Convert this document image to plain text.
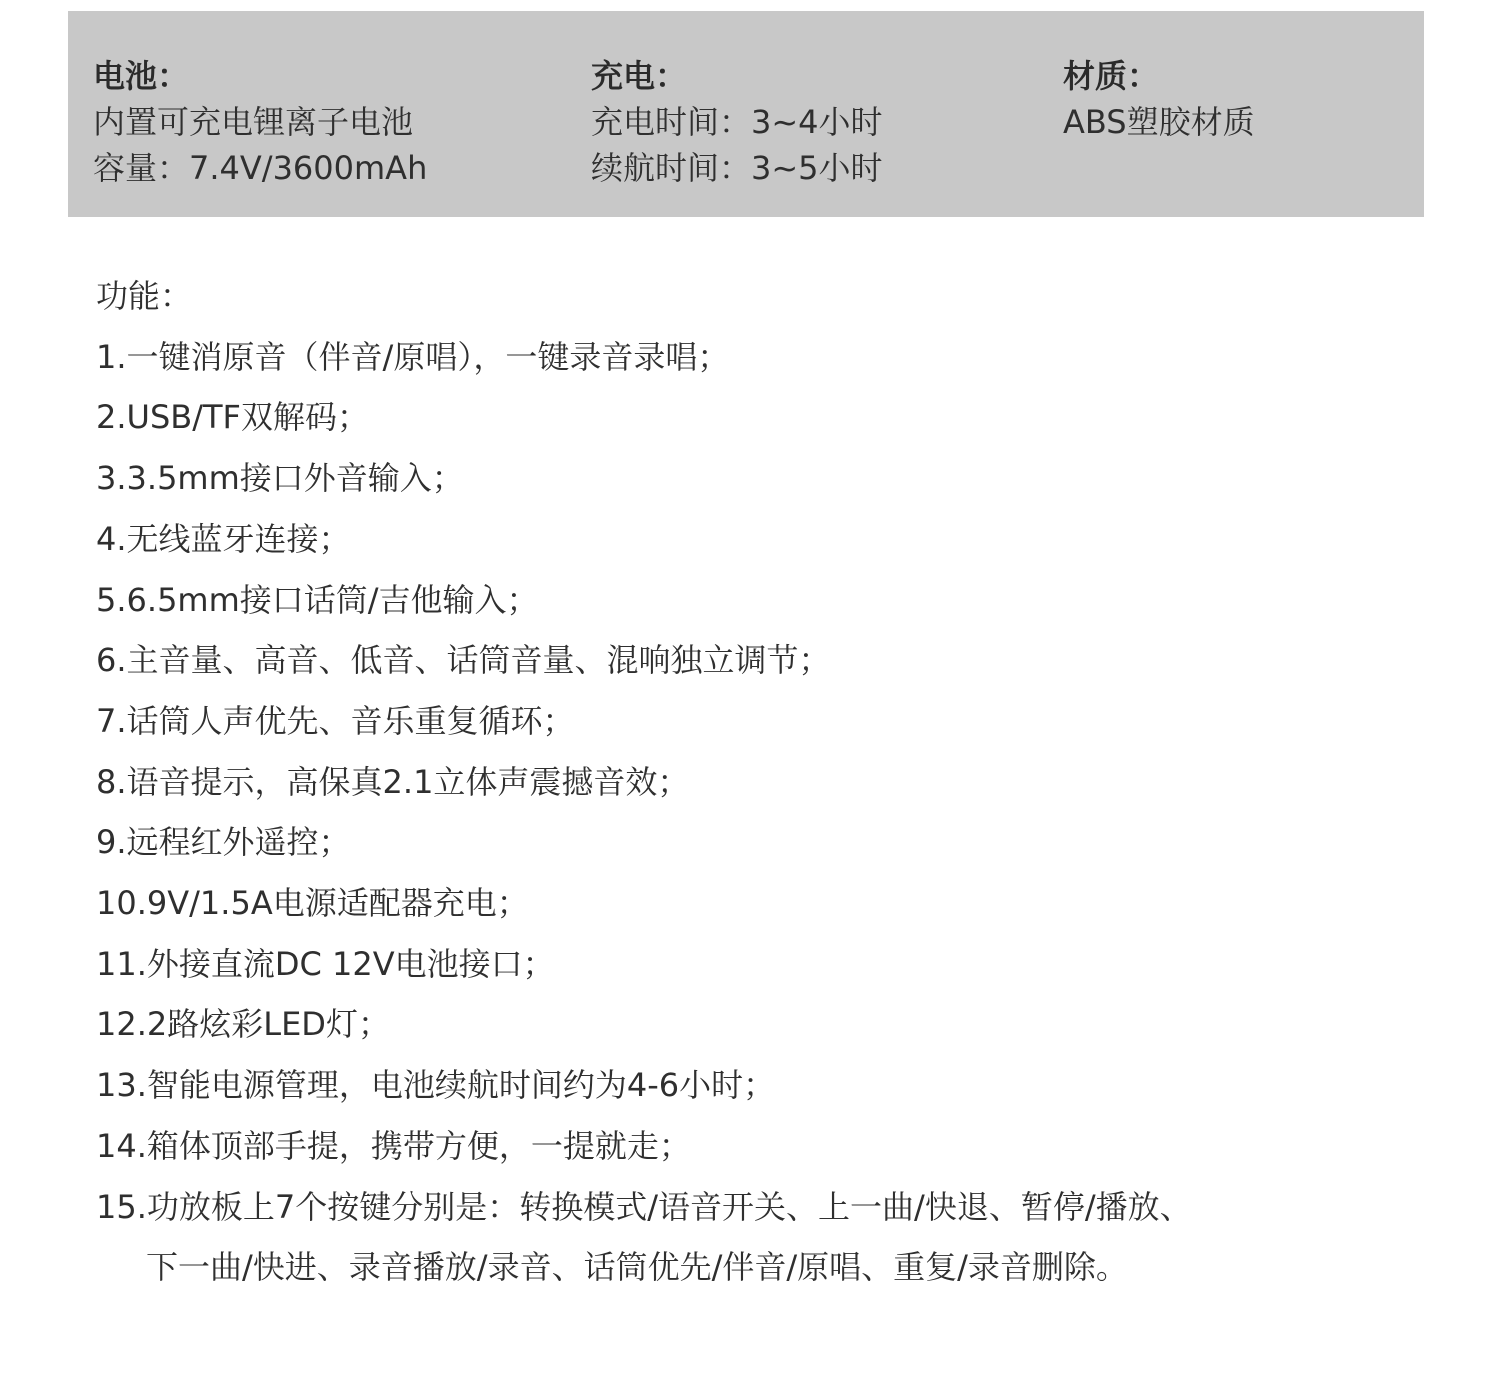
电池：
内置可充电锂离子电池
容量：7.4V/3600mAh
充电：
充电时间：3~4小时
续航时间：3~5小时
材质：
ABS塑胶材质
功能：
1.一键消原音（伴音/原唱），一键录音录唱；
2.USB/TF双解码；
3.3.5mm接口外音输入；
4.无线蓝牙连接；
5.6.5mm接口话筒/吉他输入；
6.主音量、高音、低音、话筒音量、混响独立调节；
7.话筒人声优先、音乐重复循环；
8.语音提示，高保真2.1立体声震撼音效；
9.远程红外遥控；
10.9V/1.5A电源适配器充电；
11.外接直流DC 12V电池接口；
12.2路炫彩LED灯；
13.智能电源管理，电池续航时间约为4-6小时；
14.箱体顶部手提，携带方便，一提就走；
15.功放板上7个按键分别是：转换模式/语音开关、上一曲/快退、暂停/播放、
下一曲/快进、录音播放/录音、话筒优先/伴音/原唱、重复/录音删除。
